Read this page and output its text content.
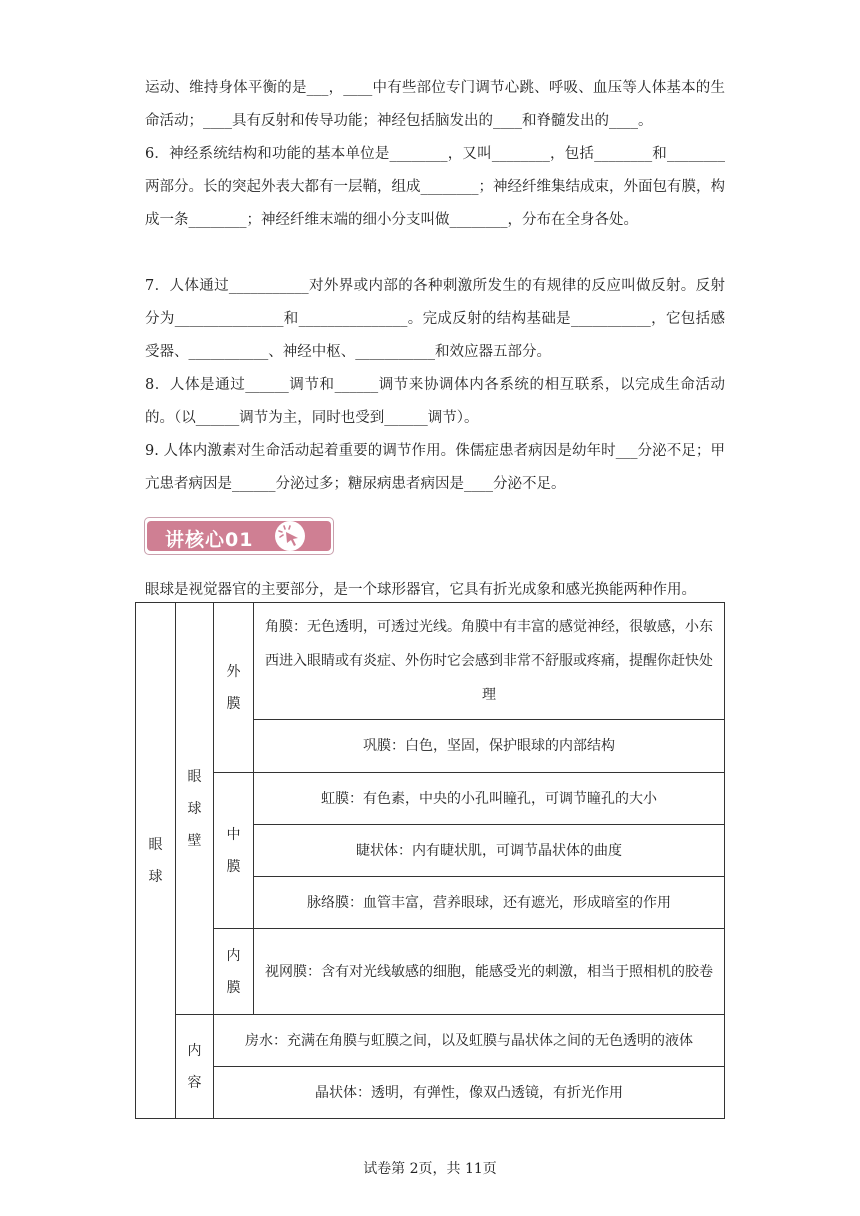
运动、维持身体平衡的是___，____中有些部位专门调节心跳、呼吸、血压等人体基本的生命活动；____具有反射和传导功能；神经包括脑发出的____和脊髓发出的____。
6．神经系统结构和功能的基本单位是________，又叫________，包括________和________两部分。长的突起外表大都有一层鞘，组成________；神经纤维集结成束，外面包有膜，构成一条________；神经纤维末端的细小分支叫做________，分布在全身各处。
7．人体通过___________对外界或内部的各种刺激所发生的有规律的反应叫做反射。反射分为_______________和_______________。完成反射的结构基础是___________，它包括感受器、___________、神经中枢、___________和效应器五部分。
8．人体是通过______调节和______调节来协调体内各系统的相互联系，以完成生命活动的。（以______调节为主，同时也受到______调节）。
9. 人体内激素对生命活动起着重要的调节作用。侏儒症患者病因是幼年时___分泌不足；甲亢患者病因是______分泌过多；糖尿病患者病因是____分泌不足。
讲核心01
眼球是视觉器官的主要部分，是一个球形器官，它具有折光成象和感光换能两种作用。
眼球	眼球壁	外膜	角膜：无色透明，可透过光线。角膜中有丰富的感觉神经，很敏感，小东西进入眼睛或有炎症、外伤时它会感到非常不舒服或疼痛，提醒你赶快处理
			巩膜：白色，坚固，保护眼球的内部结构

		中膜	虹膜：有色素，中央的小孔叫瞳孔，可调节瞳孔的大小
			睫状体：内有睫状肌，可调节晶状体的曲度
			脉络膜：血管丰富，营养眼球，还有遮光，形成暗室的作用

		内膜	视网膜：含有对光线敏感的细胞，能感受光的刺激，相当于照相机的胶卷

	内容	房水：充满在角膜与虹膜之间，以及虹膜与晶状体之间的无色透明的液体	
		晶状体：透明，有弹性，像双凸透镜，有折光作用	
试卷第 2页，共 11页
